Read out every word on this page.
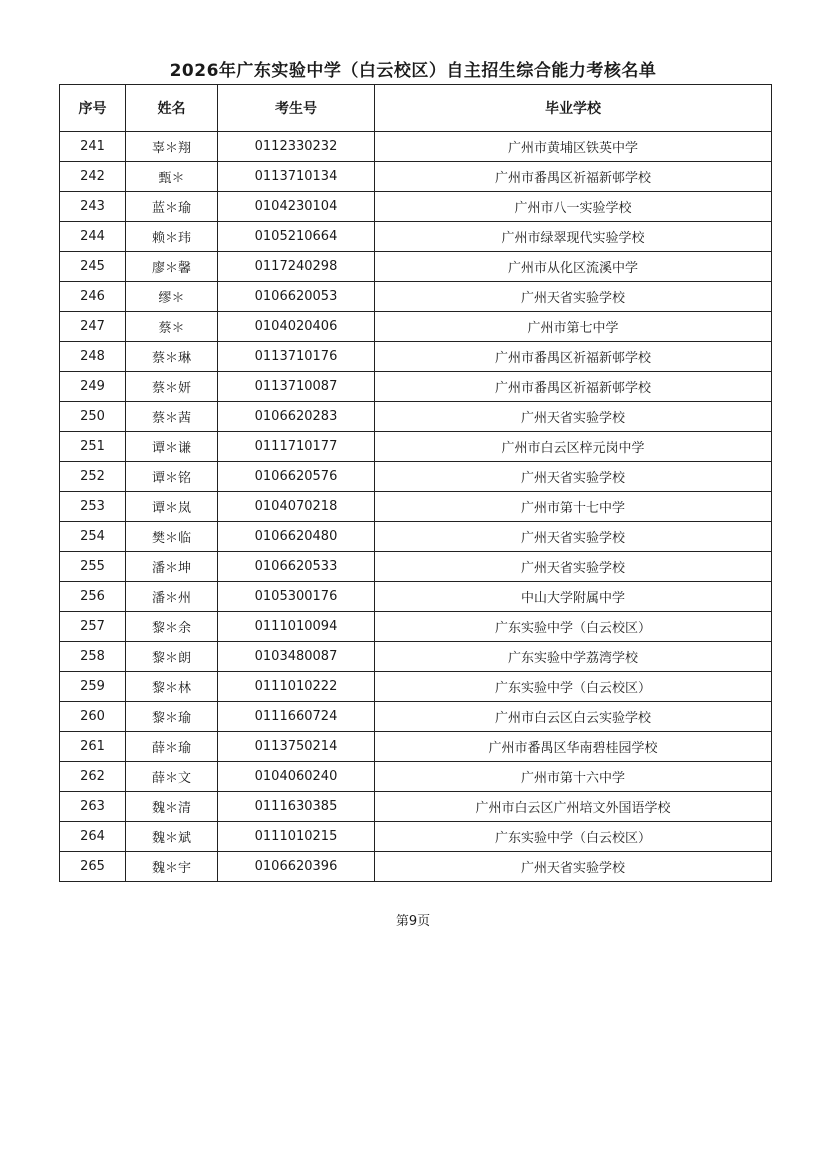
2026年广东实验中学（白云校区）自主招生综合能力考核名单
序号	姓名	考生号	毕业学校
241	辜＊翔	0112330232	广州市黄埔区铁英中学
242	甄＊	0113710134	广州市番禺区祈福新邨学校
243	蓝＊瑜	0104230104	广州市八一实验学校
244	赖＊玮	0105210664	广州市绿翠现代实验学校
245	廖＊馨	0117240298	广州市从化区流溪中学
246	缪＊	0106620053	广州天省实验学校
247	蔡＊	0104020406	广州市第七中学
248	蔡＊琳	0113710176	广州市番禺区祈福新邨学校
249	蔡＊妍	0113710087	广州市番禺区祈福新邨学校
250	蔡＊茜	0106620283	广州天省实验学校
251	谭＊谦	0111710177	广州市白云区梓元岗中学
252	谭＊铭	0106620576	广州天省实验学校
253	谭＊岚	0104070218	广州市第十七中学
254	樊＊临	0106620480	广州天省实验学校
255	潘＊坤	0106620533	广州天省实验学校
256	潘＊州	0105300176	中山大学附属中学
257	黎＊余	0111010094	广东实验中学（白云校区）
258	黎＊朗	0103480087	广东实验中学荔湾学校
259	黎＊林	0111010222	广东实验中学（白云校区）
260	黎＊瑜	0111660724	广州市白云区白云实验学校
261	薛＊瑜	0113750214	广州市番禺区华南碧桂园学校
262	薛＊文	0104060240	广州市第十六中学
263	魏＊清	0111630385	广州市白云区广州培文外国语学校
264	魏＊斌	0111010215	广东实验中学（白云校区）
265	魏＊宇	0106620396	广州天省实验学校
第9页
